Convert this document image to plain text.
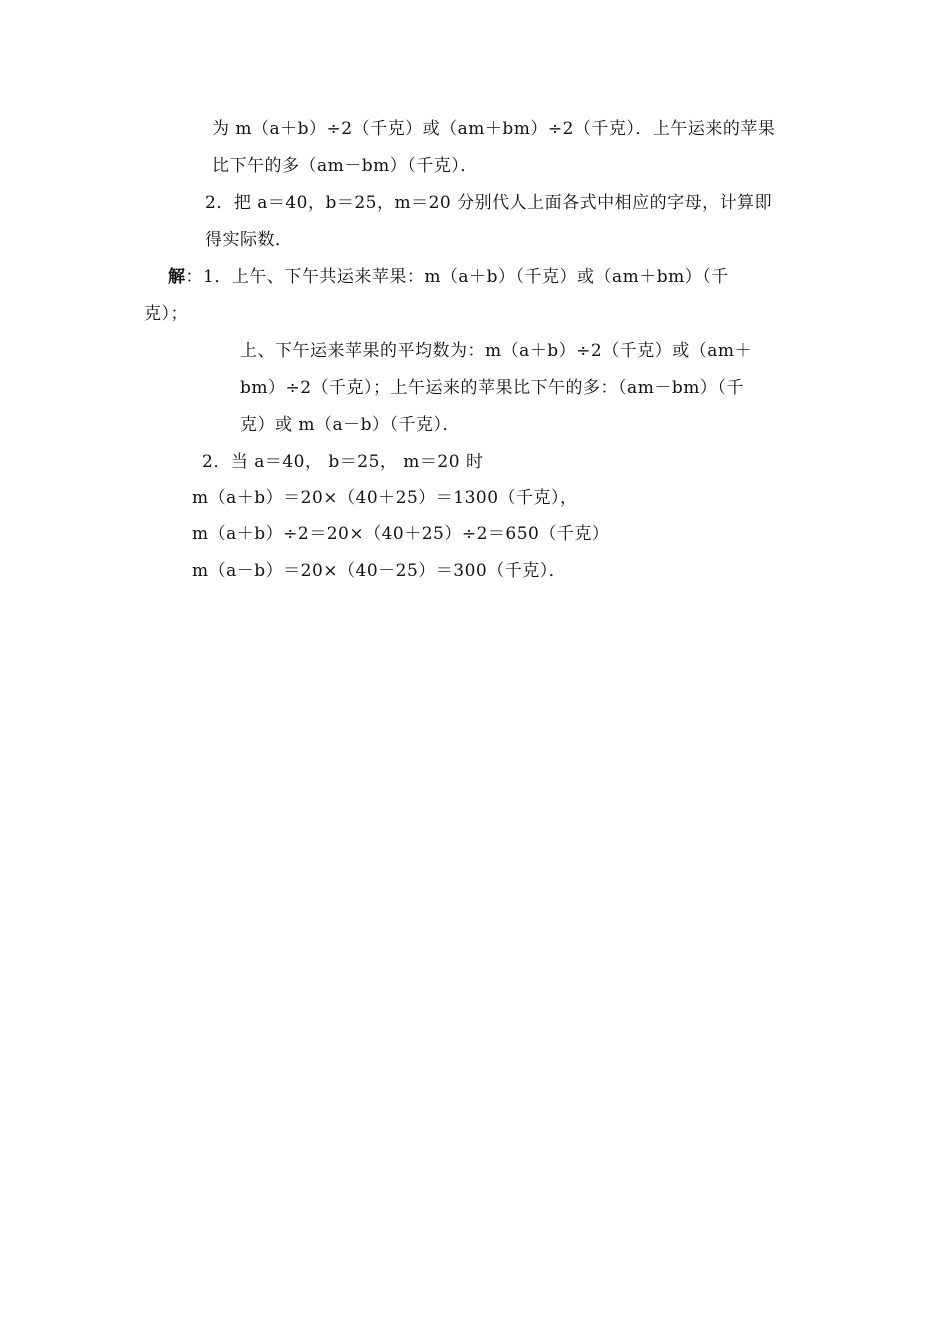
为 m（a＋b）÷2（千克）或（am＋bm）÷2（千克）．上午运来的苹果
比下午的多（am－bm）（千克）．
2．把 a＝40，b＝25，m＝20 分别代人上面各式中相应的字母，计算即
得实际数．
解：1．上午、下午共运来苹果：m（a＋b）（千克）或（am＋bm）（千
克）；
上、下午运来苹果的平均数为：m（a＋b）÷2（千克）或（am＋
bm）÷2（千克）；上午运来的苹果比下午的多：（am－bm）（千
克）或 m（a－b）（千克）．
2．当 a＝40， b＝25， m＝20 时
m（a＋b）＝20×（40＋25）＝1300（千克），
m（a＋b）÷2＝20×（40＋25）÷2＝650（千克）
m（a－b）＝20×（40－25）＝300（千克）．
